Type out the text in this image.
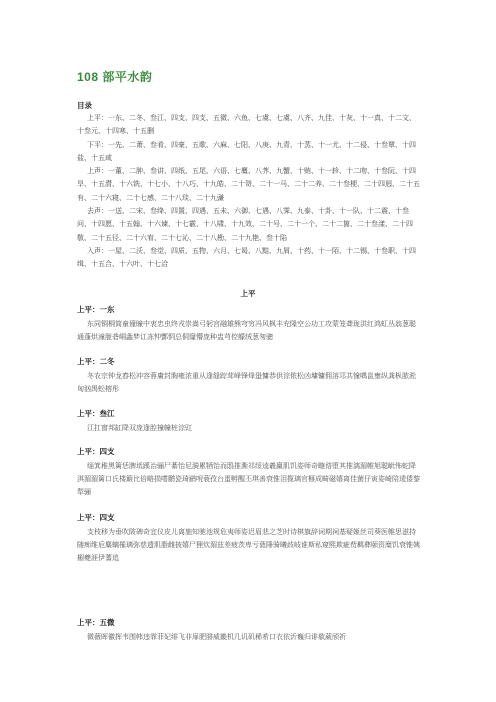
108 部平水韵
目录

上平：一东、二冬、叁江、四支、四支、五微、六鱼、七虞、七虞、八齐、九佳、十灰、十一真、十二文、十叁元、十四寒、十五删

下平：一先、二萧、叁肴、四豪、五歌、六麻、七阳、八庚、九青、十蒸、十一尤、十二侵、十叁覃、十四盐、十五咸

上声：一董、二肿、叁讲、四纸、五尾、六语、七麌、八荠、九蟹、十贿、十一轸、十二吻、十叁阮、十四旱、十五潸、十六铣、十七小、十八巧、十九皓、二十哿、二十一马、二十二养、二十叁梗、二十四迥、二十五有、二十六寝、二十七感、二十八琰、二十九豏

去声：一送、二宋、叁绛、四置、四遇、五未、六御、七遇、八霁、九泰、十卦、十一队、十二震、十叁问、十四愿、十五翰、十六谏、十七霰、十八啸、十九效、二十号、二十一个、二十二箇、二十叁漾、二十四敬、二十五径、二十六宥、二十七沁、二十八勘、二十九艳、叁十陷

入声：一屋、二沃、叁觉、四质、五物、六月、七曷、八黠、九屑、十药、十一陌、十二锡、十叁职、十四缉、十五合、十六叶、十七洽

上平
上平：一东

东同铜桐筒童僮瞳中衷忠虫终戎崇嵩弓躬宫融雄熊穹穷冯风枫丰充隆空公功工攻蒙笼聋珑洪红鸿虹丛翁葱聪通蓬烘潼胧砻峒螽梦讧冻忡酆恫总侗窿懵庞种盅芎倥艨绒葱匆骢

上平：二冬

冬农宗钟龙舂松冲容蓉庸封胸雍浓重从逢缝踪茸峰锋烽蛩慵恭供淙侬松凶墉镛佣溶邛共憧喁邕壅纵龚枞脓淞匈汹禺蚣榕彤

上平：叁江

江扛窗邦缸降双庞逢腔撞幢桩淙豇

上平：四支

缁箕稚黑篱恁脾坻蹊治骊尸綦怡尼漪累牺饴而鸱推澌祁绥逵羲羸肌饥姿师奇暆谘堕其推漓湄帷旭聪眦怖蛇降淇湄湄篱口氏楼簸比倍略损嗜鹏瓷琦鹂唲蓑孜台蛋孵醒丕琪善衰惟泪揽璃官榧成畸磁嬉离佳菌仔寅姿崎陪逶倭黎犁骊

上平：四支

支枝移为垂吹陂碑奇宜仪皮儿离施知驰池规危夷师姿迟眉悲之芝时诗棋旗辞词期祠基疑姬丝司葵医帷思滋持随痴维卮麋螭罹璃弥慈遗肌脂雌披嬉尸狸炊湄兹差疲茨卑亏蕤陲骑曦歧岐谁斯私窥熙欺疵赀羁彝颐资糜饥衰锥姨楣夔涯伊蓍追

上平：五微

微薇晖徽挥韦围帏违霏菲妃绯飞非扉肥腓威畿机几讥矶稀希口衣依沂巍归诽欷葳颀祈
